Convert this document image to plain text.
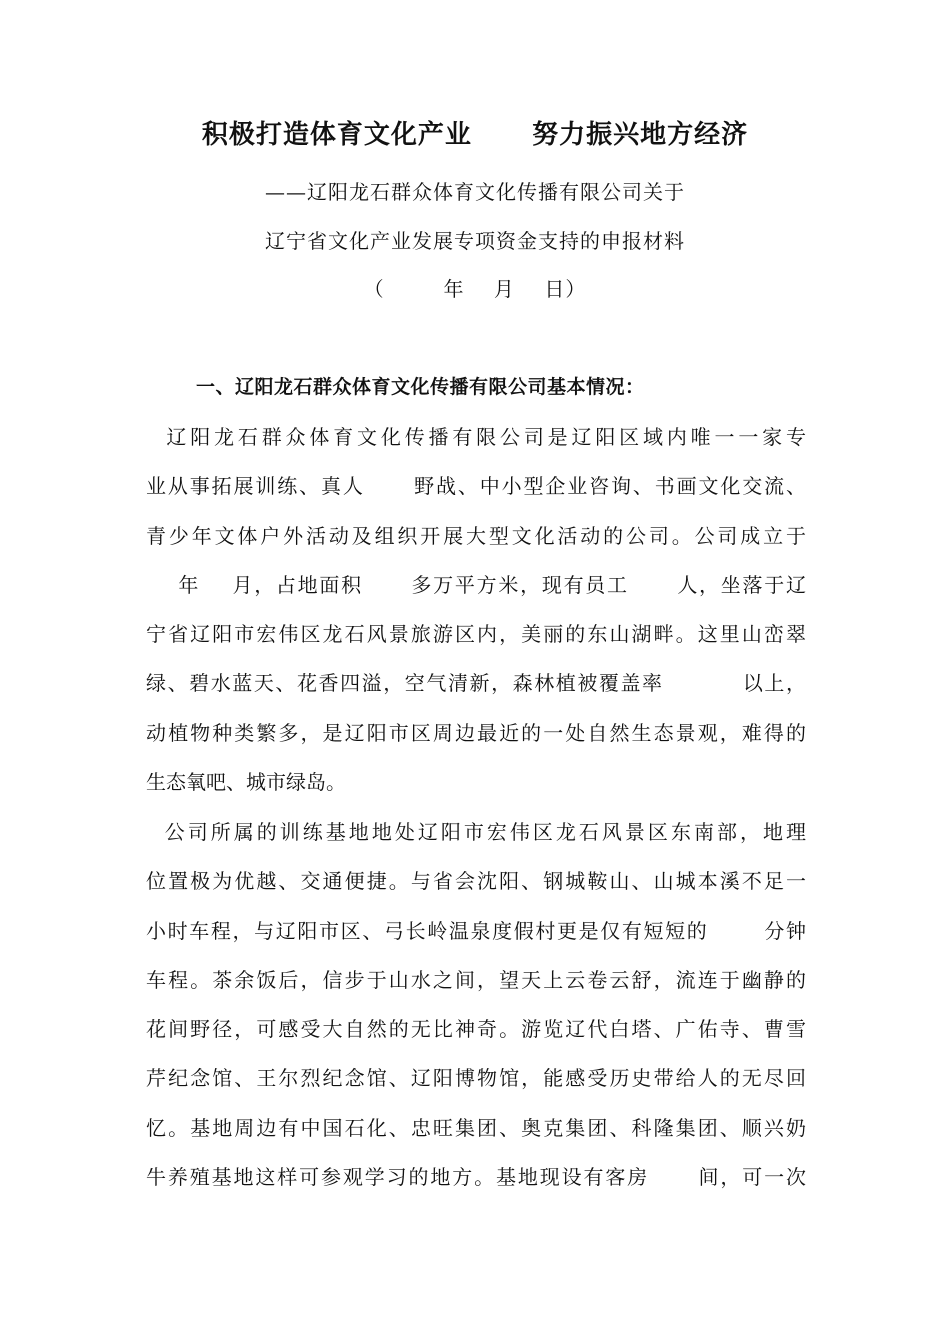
积极打造体育文化产业      努力振兴地方经济
——辽阳龙石群众体育文化传播有限公司关于
辽宁省文化产业发展专项资金支持的申报材料
（        年    月    日）
一、辽阳龙石群众体育文化传播有限公司基本情况：
辽阳龙石群众体育文化传播有限公司是辽阳区域内唯一一家专
业从事拓展训练、真人      野战、中小型企业咨询、书画文化交流、
青少年文体户外活动及组织开展大型文化活动的公司。公司成立于
年    月，占地面积      多万平方米，现有员工      人，坐落于辽
宁省辽阳市宏伟区龙石风景旅游区内，美丽的东山湖畔。这里山峦翠
绿、碧水蓝天、花香四溢，空气清新，森林植被覆盖率          以上，
动植物种类繁多，是辽阳市区周边最近的一处自然生态景观，难得的
生态氧吧、城市绿岛。
公司所属的训练基地地处辽阳市宏伟区龙石风景区东南部，地理
位置极为优越、交通便捷。与省会沈阳、钢城鞍山、山城本溪不足一
小时车程，与辽阳市区、弓长岭温泉度假村更是仅有短短的       分钟
车程。茶余饭后，信步于山水之间，望天上云卷云舒，流连于幽静的
花间野径，可感受大自然的无比神奇。游览辽代白塔、广佑寺、曹雪
芹纪念馆、王尔烈纪念馆、辽阳博物馆，能感受历史带给人的无尽回
忆。基地周边有中国石化、忠旺集团、奥克集团、科隆集团、顺兴奶
牛养殖基地这样可参观学习的地方。基地现设有客房      间，可一次
